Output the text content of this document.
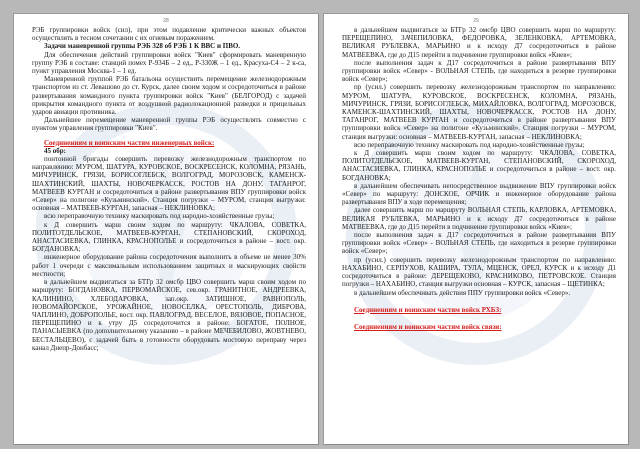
28

РЭБ группировки войск (сил), при этом подавление критически важных объектов осуществлять в тесном сочетании с их огневым поражением.

Задачи маневренной группы РЭБ 328 об РЭБ 1 К ВВС и ПВО.

Для обеспечения действий группировки войск "Киев" сформировать маневренную группу РЭБ в составе: станций помех Р-934Б – 2 ед., Р-330Ж – 1 ед., Красуха-С4 – 2 к-са, пункт управления Москва-1 – 1 ед.

Маневренной группой РЭБ батальона осуществить перемещение железнодорожным транспортом из ст. Левашово до ст. Курск, далее своим ходом и сосредоточиться в районе развертывания командного пункта группировки войск "Киев" (БЕЛГОРОД) с задачей прикрытия командного пункта от воздушной радиолокационной разведки и прицельных ударов авиации противника.

Дальнейшее перемещение маневренной группы РЭБ осуществлять совместно с пунктом управления группировки "Киев".

Соединениям и воинским частям инженерных войск:

45 обр:

понтонной бригады совершить перевозку железнодорожным транспортом по направлению: МУРОМ, ШАТУРА, КУРОВСКОЕ, ВОСКРЕСЕНСК, КОЛОМНА, РЯЗАНЬ, МИЧУРИНСК, ГРЯЗИ, БОРИСОГЛЕБСК, ВОЛГОГРАД, МОРОЗОВСК, КАМЕНСК-ШАХТИНСКИЙ, ШАХТЫ, НОВОЧЕРКАССК, РОСТОВ НА ДОНУ, ТАГАНРОГ, МАТВЕЕВ КУРГАН и сосредоточиться в районе развертывания ВПУ группировки войск «Север» на полигоне «Кузьминский». Станция погрузки – МУРОМ, станция выгрузки: основная – МАТВЕЕВ-КУРГАН, запасная – НЕКЛИНОВКА;

всю переправочную технику маскировать под народно-хозяйственные грузы;

к Д совершить марш своим ходом по маршруту: ЧКАЛОВА, СОВЕТКА, ПОЛИТОТДЕЛЬСКОЕ, МАТВЕЕВ-КУРГАН, СТЕПАНОВСКИЙ, СКОРОХОД, АНАСТАСИЕВКА, ГЛИНКА, КРАСНОПОЛЬЕ и сосредоточиться в районе – вост. окр. БОГДАНОВКА;

инженерное оборудование района сосредоточения выполнить в объеме не менее 30% работ 1 очереди с максимальным использованием защитных и маскирующих свойств местности;

в дальнейшем выдвигаться за БТГр 32 омсбр ЦВО совершить марш своим ходом по маршруту: БОГДАНОВКА, ПЕРВОМАЙСКОЕ, сев.окр. ГРАНИТНОЕ, АНДРЕЕВКА, КАЛИНИНО, ХЛЕБОДАРОВКА, зап.окр. ЗАТИШНОЕ, РАВНОПОЛЬ, НОВОМАЙОРСКОЕ, УРОЖАЙНОЕ, НОВОСЕЛКА, ОРЕСТОПОЛЬ, ДИБРОВА, ЧАПЛИНО, ДОБРОПОЛЬЕ, вост. окр. ПАВЛОГРАД, ВЕСЕЛОЕ, ВЯЗОВОЕ, ПОПАСНОЕ, ПЕРЕЩЕПИНО и к утру Д5 сосредоточится в районе: БОГАТОЕ, ПОЛНОЕ, ПАНАСЫЕВКА (по дополнительному указанию – в районе МЕЧЕБИЛОВО, ЖОВТНЕВО, БЕСТАЛЬЦЕВО), с задачей быть в готовности оборудовать мостовую переправу через канал Днепр-Донбасс;

29

в дальнейшем выдвигаться за БТГр 32 омсбр ЦВО совершить марш по маршруту: ПЕРЕЩЕПИНО, ЗАЧЕПИЛОВКА, ФЕДОРОВКА, ЗЕЛЕНКОВКА, АРТЕМОВКА, ВЕЛИКАЯ РУБЛЕВКА, МАРЬИНО и к исходу Д7 сосредоточиться в районе МАТВЕЕВКА, где до Д15 перейти в подчинение группировки войск «Киев»;

после выполнения задач к Д17 сосредоточиться в районе развертывания ВПУ группировки войск «Север» - ВОЛЬНАЯ СТЕПЬ, где находиться в резерве группировки войск «Север»;

пр (усил.) совершить перевозку железнодорожным транспортом по направлению: МУРОМ, ШАТУРА, КУРОВСКОЕ, ВОСКРЕСЕНСК, КОЛОМНА, РЯЗАНЬ, МИЧУРИНСК, ГРЯЗИ, БОРИСОГЛЕБСК, МИХАЙЛОВКА, ВОЛГОГРАД, МОРОЗОВСК, КАМЕНСК-ШАХТИНСКИЙ, ШАХТЫ, НОВОЧЕРКАССК, РОСТОВ НА ДОНУ, ТАГАНРОГ, МАТВЕЕВ КУРГАН и сосредоточиться в районе развертывания ВПУ группировки войск «Север» на полигоне «Кузьминский». Станция погрузки – МУРОМ, станция выгрузки: основная – МАТВЕЕВ-КУРГАН, запасная – НЕКЛИНОВКА;

всю переправочную технику маскировать под народно-хозяйственные грузы;

к Д совершить марш своим ходом по маршруту: ЧКАЛОВА, СОВЕТКА, ПОЛИТОТДЕЛЬСКОЕ, МАТВЕЕВ-КУРГАН, СТЕПАНОВСКИЙ, СКОРОХОД, АНАСТАСИЕВКА, ГЛИНКА, КРАСНОПОЛЬЕ и сосредоточиться в районе – вост. окр. БОГДАНОВКА;

в дальнейшем обеспечивать непосредственное выдвижение ВПУ группировки войск «Север» по маршруту: ДОНСКОЕ, ОРЧИК и инженерное оборудование района развертывания ВПУ в ходе перемещения;

далее совершить марш по маршруту ВОЛЬНАЯ СТЕПЬ, КАРЛОВКА, АРТЕМОВКА, ВЕЛИКАЯ РУБЛЕВКА, МАРЬИНО и к исходу Д7 сосредоточиться в районе МАТВЕЕВКА, где до Д15 перейти в подчинение группировки войск «Киев»;

после выполнения задач к Д17 сосредоточиться в районе развертывания ВПУ группировки войск «Север» - ВОЛЬНАЯ СТЕПЬ, где находиться в резерве группировки войск «Север»;

пр (усил.) совершить перевозку железнодорожным транспортом по направлению: НАХАБИНО, СЕРПУХОВ, КАШИРА, ТУЛА, МЦЕНСК, ОРЕЛ, КУРСК и к исходу Д1 сосредоточиться в районе: ДЕРЕЩЕКОВО, КРАСНИКОВО, ПЕТРОВСКОЕ. Станция погрузки – НАХАБИНО, станция выгрузки основная – КУРСК, запасная – ЩЕТИНКА;

в дальнейшем обеспечивать действия ППУ группировки войск «Север».

Соединениям и воинским частям войск РХБЗ:

Соединениям и воинским частям войск связи:
